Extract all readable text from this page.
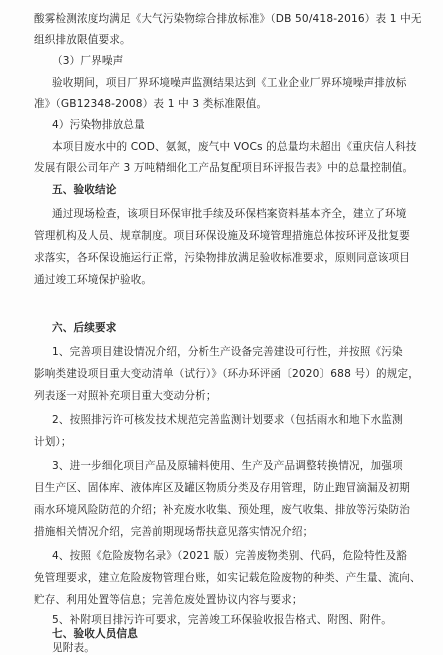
酸雾检测浓度均满足《大气污染物综合排放标准》（DB 50/418-2016）表 1 中无
组织排放限值要求。
（3）厂界噪声
验收期间，项目厂界环境噪声监测结果达到《工业企业厂界环境噪声排放标
准》（GB12348-2008）表 1 中 3 类标准限值。
4）污染物排放总量
本项目废水中的 COD、氨氮，废气中 VOCs 的总量均未超出《重庆信人科技
发展有限公司年产 3 万吨精细化工产品复配项目环评报告表》中的总量控制值。
五、验收结论
通过现场检查，该项目环保审批手续及环保档案资料基本齐全，建立了环境
管理机构及人员、规章制度。项目环保设施及环境管理措施总体按环评及批复要
求落实，各环保设施运行正常，污染物排放满足验收标准要求，原则同意该项目
通过竣工环境保护验收。
六、后续要求
1、完善项目建设情况介绍，分析生产设备完善建设可行性，并按照《污染
影响类建设项目重大变动清单（试行）》（环办环评函〔2020〕688 号）的规定，
列表逐一对照补充项目重大变动分析；
2、按照排污许可核发技术规范完善监测计划要求（包括雨水和地下水监测
计划）；
3、进一步细化项目产品及原辅料使用、生产及产品调整转换情况，加强项
目生产区、固体库、液体库区及罐区物质分类及存用管理，防止跑冒滴漏及初期
雨水环境风险防范的介绍；补充废水收集、预处理，废气收集、排放等污染防治
措施相关情况介绍，完善前期现场帮扶意见落实情况介绍；
4、按照《危险废物名录》（2021 版）完善废物类别、代码，危险特性及豁
免管理要求，建立危险废物管理台账，如实记载危险废物的种类、产生量、流向、
贮存、利用处置等信息；完善危废处置协议内容与要求；
5、补附项目排污许可要求，完善竣工环保验收报告格式、附图、附件。
七、验收人员信息
见附表。
